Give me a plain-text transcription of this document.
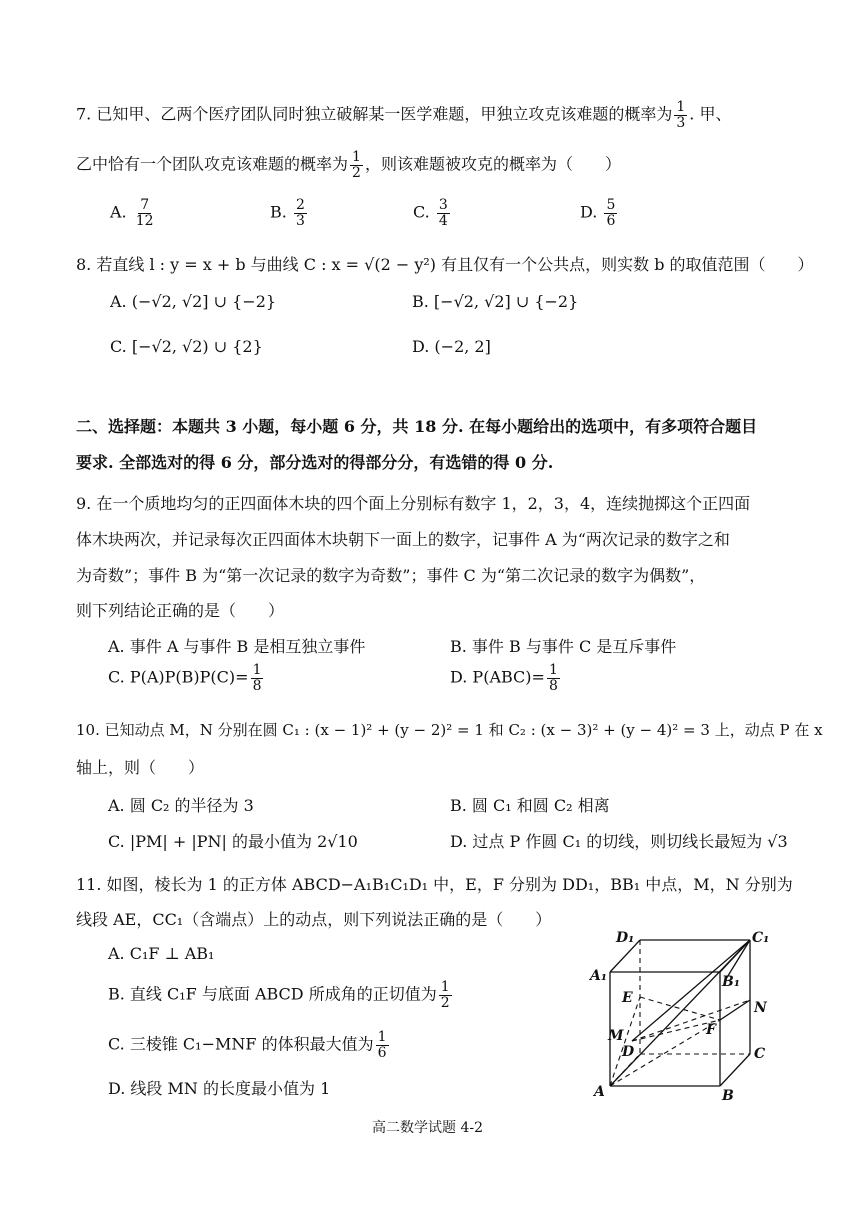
7. 已知甲、乙两个医疗团队同时独立破解某一医学难题，甲独立攻克该难题的概率为 $\frac{1}{3}$ . 甲、
乙中恰有一个团队攻克该难题的概率为 $\frac{1}{2}$ ，则该难题被攻克的概率为（　　）
A. $\frac{7}{12}$	B. $\frac{2}{3}$	C. $\frac{3}{4}$	D. $\frac{5}{6}$
8. 若直线 l : y = x + b 与曲线 C : x = √(2 − y²) 有且仅有一个公共点，则实数 b 的取值范围（　　）
A. (−√2, √2] ∪ {−2}	B. [−√2, √2] ∪ {−2}
C. [−√2, √2) ∪ {2}	D. (−2, 2]
二、选择题：本题共 3 小题，每小题 6 分，共 18 分. 在每小题给出的选项中，有多项符合题目
要求. 全部选对的得 6 分，部分选对的得部分分，有选错的得 0 分.
9. 在一个质地均匀的正四面体木块的四个面上分别标有数字 1，2，3，4，连续抛掷这个正四面
体木块两次，并记录每次正四面体木块朝下一面上的数字，记事件 A 为“两次记录的数字之和
为奇数”；事件 B 为“第一次记录的数字为奇数”；事件 C 为“第二次记录的数字为偶数”，
则下列结论正确的是（　　）
A. 事件 A 与事件 B 是相互独立事件	B. 事件 B 与事件 C 是互斥事件
C. $P(A)P(B)P(C)= \frac{1}{8}$	D. $P(ABC)= \frac{1}{8}$
10. 已知动点 M，N 分别在圆 C₁ : (x − 1)² + (y − 2)² = 1 和 C₂ : (x − 3)² + (y − 4)² = 3 上，动点 P 在 x
轴上，则（　　）
A. 圆 C₂ 的半径为 3	B. 圆 C₁ 和圆 C₂ 相离
C. |PM| + |PN| 的最小值为 2√10	D. 过点 P 作圆 C₁ 的切线，则切线长最短为 √3
11. 如图，棱长为 1 的正方体 ABCD−A₁B₁C₁D₁ 中，E，F 分别为 DD₁，BB₁ 中点，M，N 分别为
线段 AE，CC₁（含端点）上的动点，则下列说法正确的是（　　）
A. C₁F ⊥ AB₁
B. 直线 C₁F 与底面 ABCD 所成角的正切值为 $\frac{1}{2}$
C. 三棱锥 C₁−MNF 的体积最大值为 $\frac{1}{6}$
D. 线段 MN 的长度最小值为 1
D₁	C₁
A₁	B₁
E
N
F
M
D	C
A	B
高二数学试题 4-2
